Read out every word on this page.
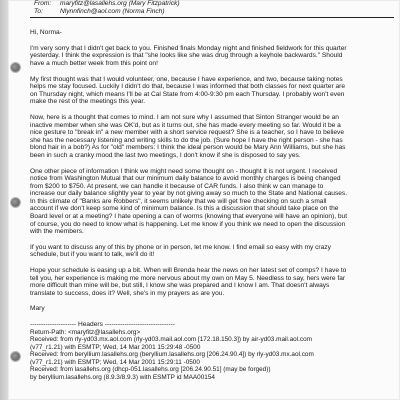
From:	maryfitz@lasallehs.org (Mary Fitzpatrick)
To:	Nlynnfinch@aol.com (Norma Finch)
Hi, Norma-
I'm very sorry that I didn't get back to you. Finished finals Monday night and finished fieldwork for this quarter
yesterday. I think the expression is that "she looks like she was drug through a keyhole backwards." Should
have a much better week from this point on!
My first thought was that I would volunteer, one, because I have experience, and two, because taking notes
helps me stay focused. Luckily I didn't do that, because I was informed that both classes for next quarter are
on Thursday night, which means I'll be at Cal State from 4:00-9:30 pm each Thursday. I probably won't even
make the rest of the meetings this year.
Now, here is a thought that comes to mind. I am not sure why I assumed that Sinton Stranger would be an
inactive member when she was OK'd, but as it turns out, she has made every meeting so far. Would it be a
nice gesture to "break in" a new member with a short service request? She is a teacher, so I have to believe
she has the necessary listening and writing skills to do the job. (Sure hope I have the right person - she has
blond hair in a bob?) As for "old" members: I think the ideal person would be Mary Ann Williams, but she has
been in such a cranky mood the last two meetings, I don't know if she is disposed to say yes.
One other piece of information I think we might need some thought on - thought it is not urgent. I received
notice from Washington Mutual that our minimum daily balance to avoid monthly charges is being changed
from $200 to $750. At present, we can handle it because of CAR funds. I also think w can manage to
increase our daily balance slightly year to year by not giving away so much to the State and National causes.
In this climate of "Banks are Robbers", it seems unlikely that we will get free checking on such a small
account if we don't keep some kind of minimum balance. Is this a discussion that should take place on the
Board level or at a meeting? I hate opening a can of worms (knowing that everyone will have an opinion), but
of course, you do need to know what is happening. Let me know if you think we need to open the discussion
with the members.
If you want to discuss any of this by phone or in person, let me know. I find email so easy with my crazy
schedule, but if you want to talk, we'll do it!
Hope your schedule is easing up a bit. When will Brenda hear the news on her latest set of comps? I have to
tell you, her experience is making me more nervous about my own on May 5. Needless to say, hers were far
more difficult than mine will be, but still, I know she was prepared and I know I am. That doesn't always
translate to success, does it? Well, she's in my prayers as are you.
Mary
--------------------- Headers --------------------------------
Return-Path: <maryfitz@lasallehs.org>
Received: from rly-yd03.mx.aol.com (rly-yd03.mail.aol.com [172.18.150.3]) by air-yd03.mail.aol.com
(v77_r1.21) with ESMTP; Wed, 14 Mar 2001 15:29:48 -0500
Received: from beryllium.lasallehs.org (beryllium.lasallehs.org [206.24.90.4]) by rly-yd03.mx.aol.com
(v77_r1.21) with ESMTP; Wed, 14 Mar 2001 15:29:11 -0500
Received: from lasallehs.org (dhcp-051.lasallehs.org [206.24.90.51] (may be forged))
by beryllium.lasallehs.org (8.9.3/8.9.3) with ESMTP id MAA00154
